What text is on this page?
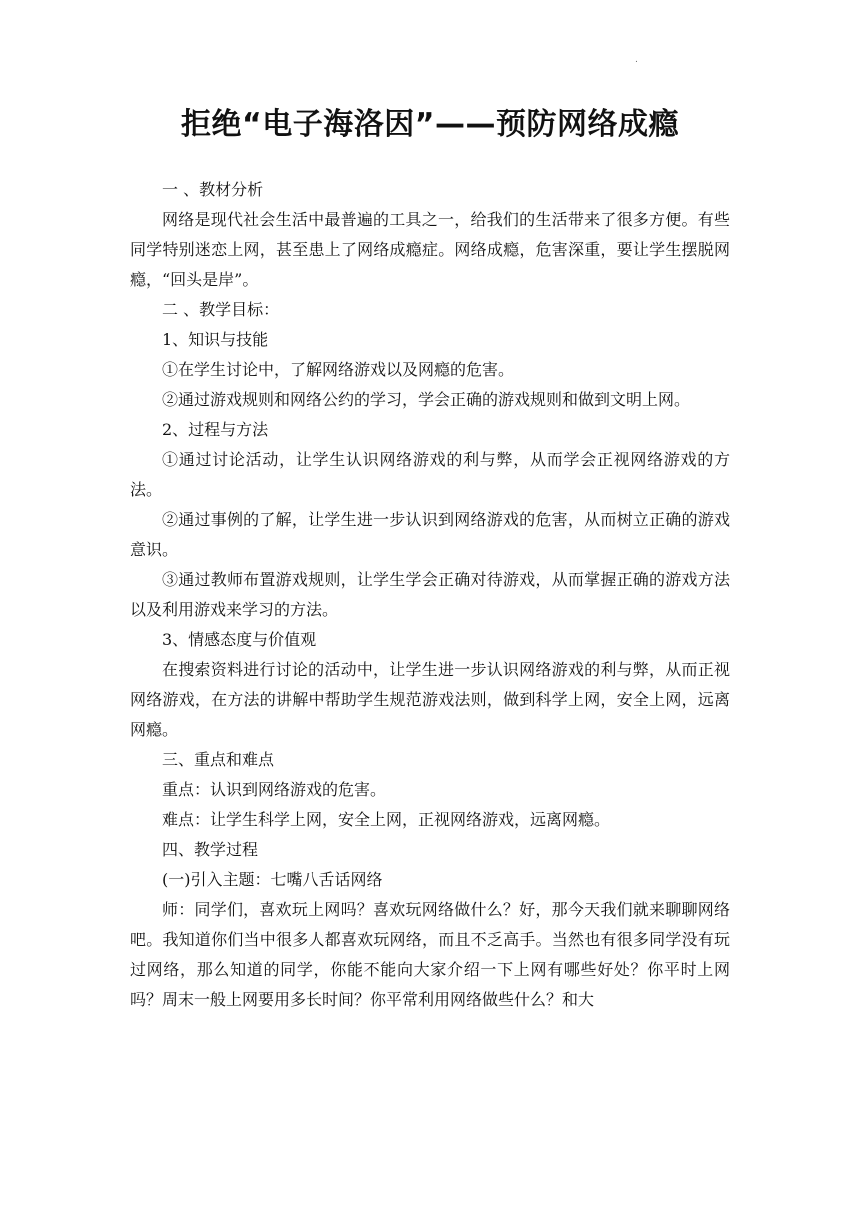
.
拒绝“电子海洛因”——预防网络成瘾

一 、教材分析

网络是现代社会生活中最普遍的工具之一，给我们的生活带来了很多方便。有些同学特别迷恋上网，甚至患上了网络成瘾症。网络成瘾，危害深重，要让学生摆脱网瘾，“回头是岸”。

二 、教学目标：

1、知识与技能

①在学生讨论中，了解网络游戏以及网瘾的危害。

②通过游戏规则和网络公约的学习，学会正确的游戏规则和做到文明上网。

2、过程与方法

①通过讨论活动，让学生认识网络游戏的利与弊，从而学会正视网络游戏的方法。

②通过事例的了解，让学生进一步认识到网络游戏的危害，从而树立正确的游戏意识。

③通过教师布置游戏规则，让学生学会正确对待游戏，从而掌握正确的游戏方法以及利用游戏来学习的方法。

3、情感态度与价值观

在搜索资料进行讨论的活动中，让学生进一步认识网络游戏的利与弊，从而正视网络游戏，在方法的讲解中帮助学生规范游戏法则，做到科学上网，安全上网，远离网瘾。

三、重点和难点

重点：认识到网络游戏的危害。

难点：让学生科学上网，安全上网，正视网络游戏，远离网瘾。

四、教学过程

(一)引入主题：七嘴八舌话网络

师：同学们，喜欢玩上网吗？喜欢玩网络做什么？好，那今天我们就来聊聊网络吧。我知道你们当中很多人都喜欢玩网络，而且不乏高手。当然也有很多同学没有玩过网络，那么知道的同学，你能不能向大家介绍一下上网有哪些好处？你平时上网吗？周末一般上网要用多长时间？你平常利用网络做些什么？和大
